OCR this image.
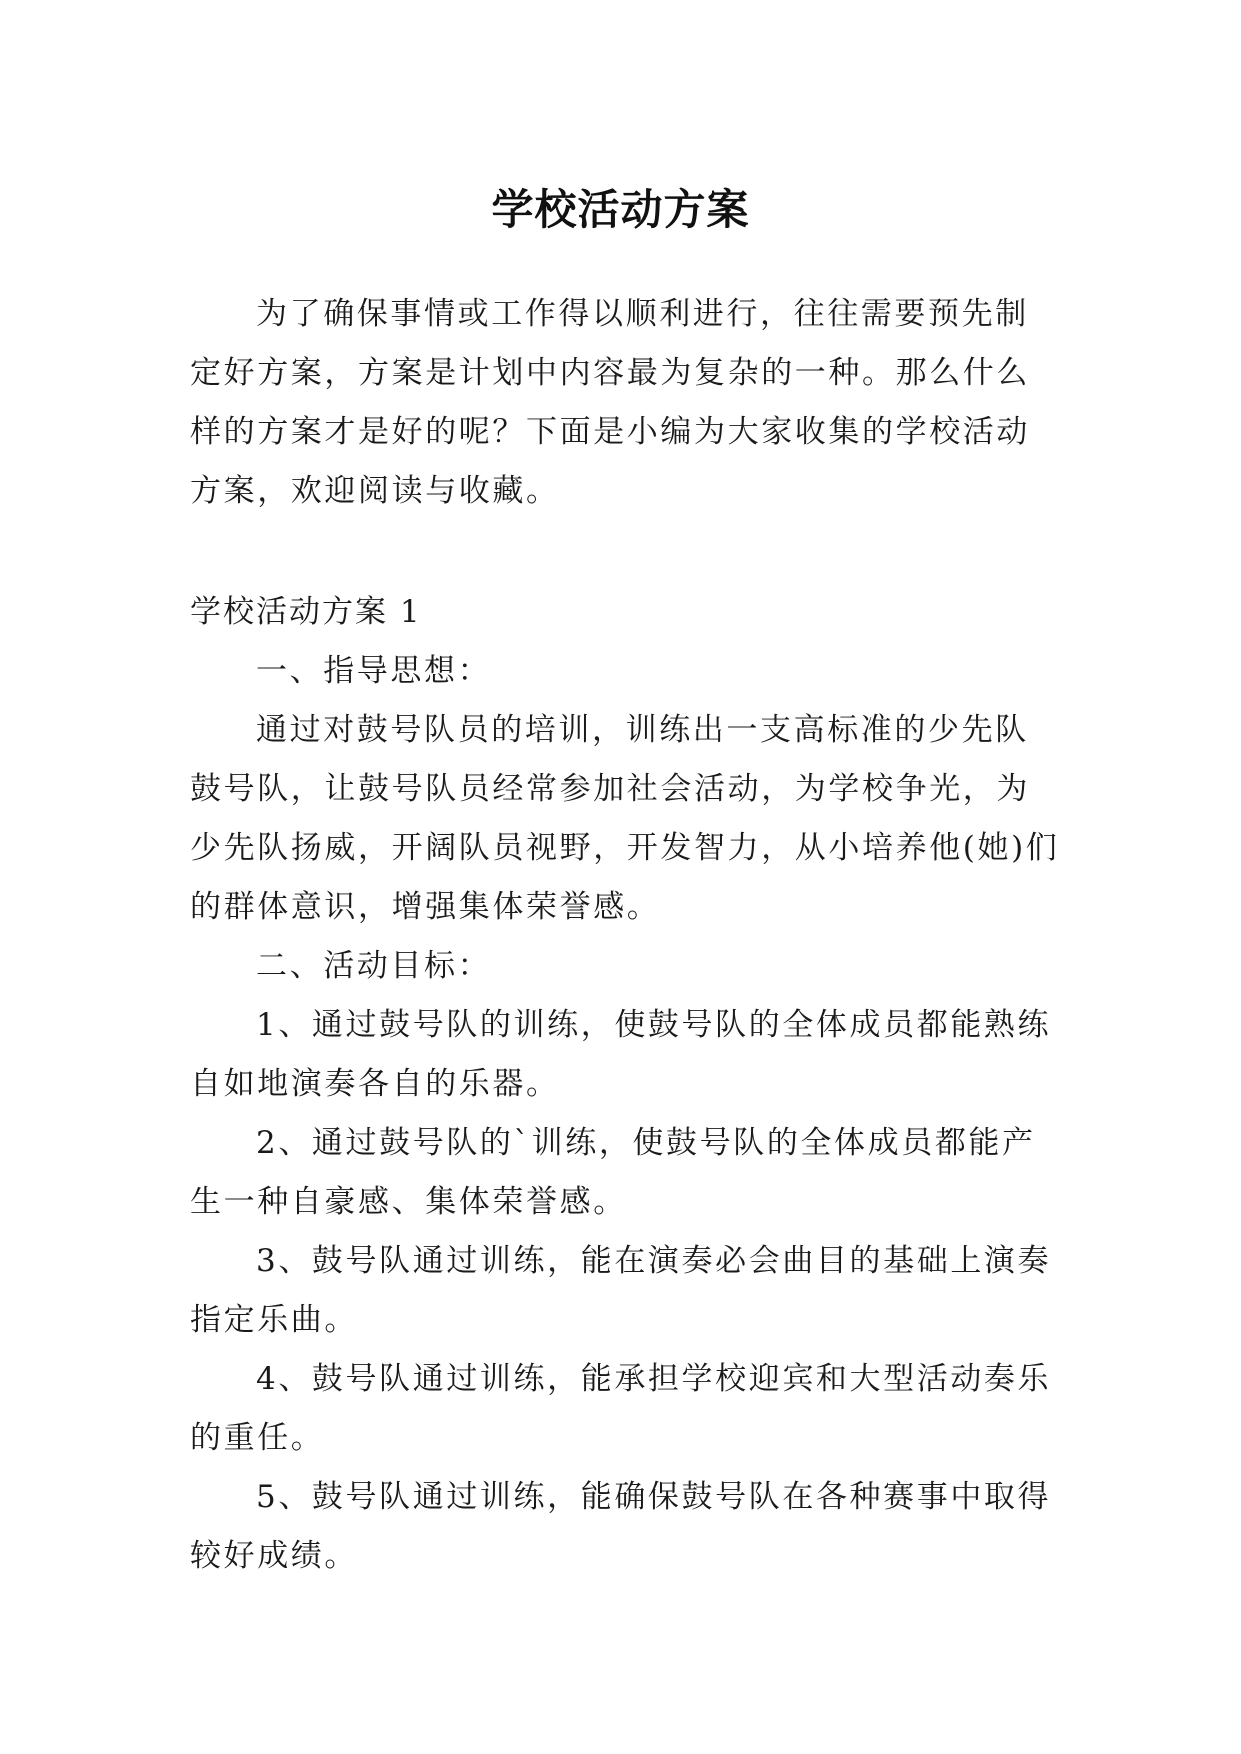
学校活动方案

为了确保事情或工作得以顺利进行，往往需要预先制定好方案，方案是计划中内容最为复杂的一种。那么什么样的方案才是好的呢？下面是小编为大家收集的学校活动方案，欢迎阅读与收藏。

学校活动方案 1

一、指导思想：

通过对鼓号队员的培训，训练出一支高标准的少先队鼓号队，让鼓号队员经常参加社会活动，为学校争光，为少先队扬威，开阔队员视野，开发智力，从小培养他(她)们的群体意识，增强集体荣誉感。

二、活动目标：

1、通过鼓号队的训练，使鼓号队的全体成员都能熟练自如地演奏各自的乐器。

2、通过鼓号队的`训练，使鼓号队的全体成员都能产生一种自豪感、集体荣誉感。

3、鼓号队通过训练，能在演奏必会曲目的基础上演奏指定乐曲。

4、鼓号队通过训练，能承担学校迎宾和大型活动奏乐的重任。

5、鼓号队通过训练，能确保鼓号队在各种赛事中取得较好成绩。
